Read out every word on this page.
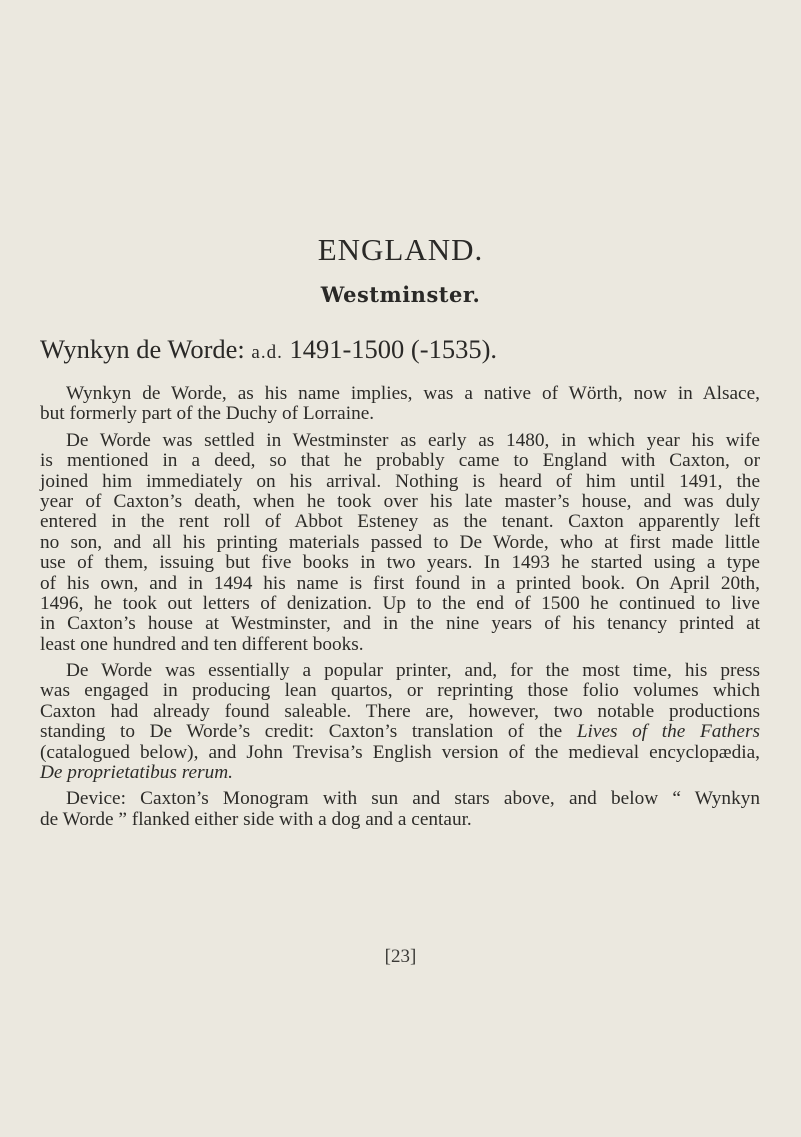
ENGLAND.
Westminster.
Wynkyn de Worde: a.d. 1491-1500 (-1535).
Wynkyn de Worde, as his name implies, was a native of Wörth, now in Alsace,
but formerly part of the Duchy of Lorraine.
De Worde was settled in Westminster as early as 1480, in which year his wife
is mentioned in a deed, so that he probably came to England with Caxton, or
joined him immediately on his arrival. Nothing is heard of him until 1491, the
year of Caxton’s death, when he took over his late master’s house, and was duly
entered in the rent roll of Abbot Esteney as the tenant. Caxton apparently left
no son, and all his printing materials passed to De Worde, who at first made little
use of them, issuing but five books in two years. In 1493 he started using a type
of his own, and in 1494 his name is first found in a printed book. On April 20th,
1496, he took out letters of denization. Up to the end of 1500 he continued to live
in Caxton’s house at Westminster, and in the nine years of his tenancy printed at
least one hundred and ten different books.
De Worde was essentially a popular printer, and, for the most time, his press
was engaged in producing lean quartos, or reprinting those folio volumes which
Caxton had already found saleable. There are, however, two notable productions
standing to De Worde’s credit: Caxton’s translation of the Lives of the Fathers
(catalogued below), and John Trevisa’s English version of the medieval encyclopædia,
De proprietatibus rerum.
Device: Caxton’s Monogram with sun and stars above, and below “ Wynkyn
de Worde ” flanked either side with a dog and a centaur.
[23]
